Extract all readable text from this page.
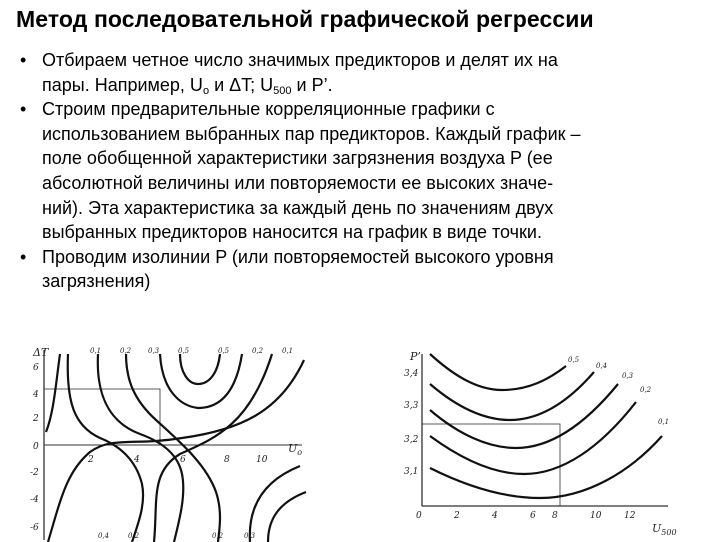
Метод последовательной графической регрессии
• Отбираем четное число значимых предикторов и делят их на
пары. Например, $U_о$ и ΔT; $U_{500}$ и P’.
• Строим предварительные корреляционные графики с
использованием выбранных пар предикторов. Каждый график –
поле обобщенной характеристики загрязнения воздуха P (ее
абсолютной величины или повторяемости ее высоких значе-
ний). Эта характеристика за каждый день по значениям двух
выбранных предикторов наносится на график в виде точки.
• Проводим изолинии P (или повторяемостей высокого уровня
загрязнения)
ΔT
$U_o$
0,1	0,2 0,3	0,5	0,5	0,2	0,1
6
4
2
0
-2
-4
-6
2	4	6	8	10
0,4	0,2	0,2	0,3
P’
$U_{500}$
3,4
3,3
3,2
3,1
0	2	4	6 8	10	12
0,5
0,4
0,3
0,2
0,1
